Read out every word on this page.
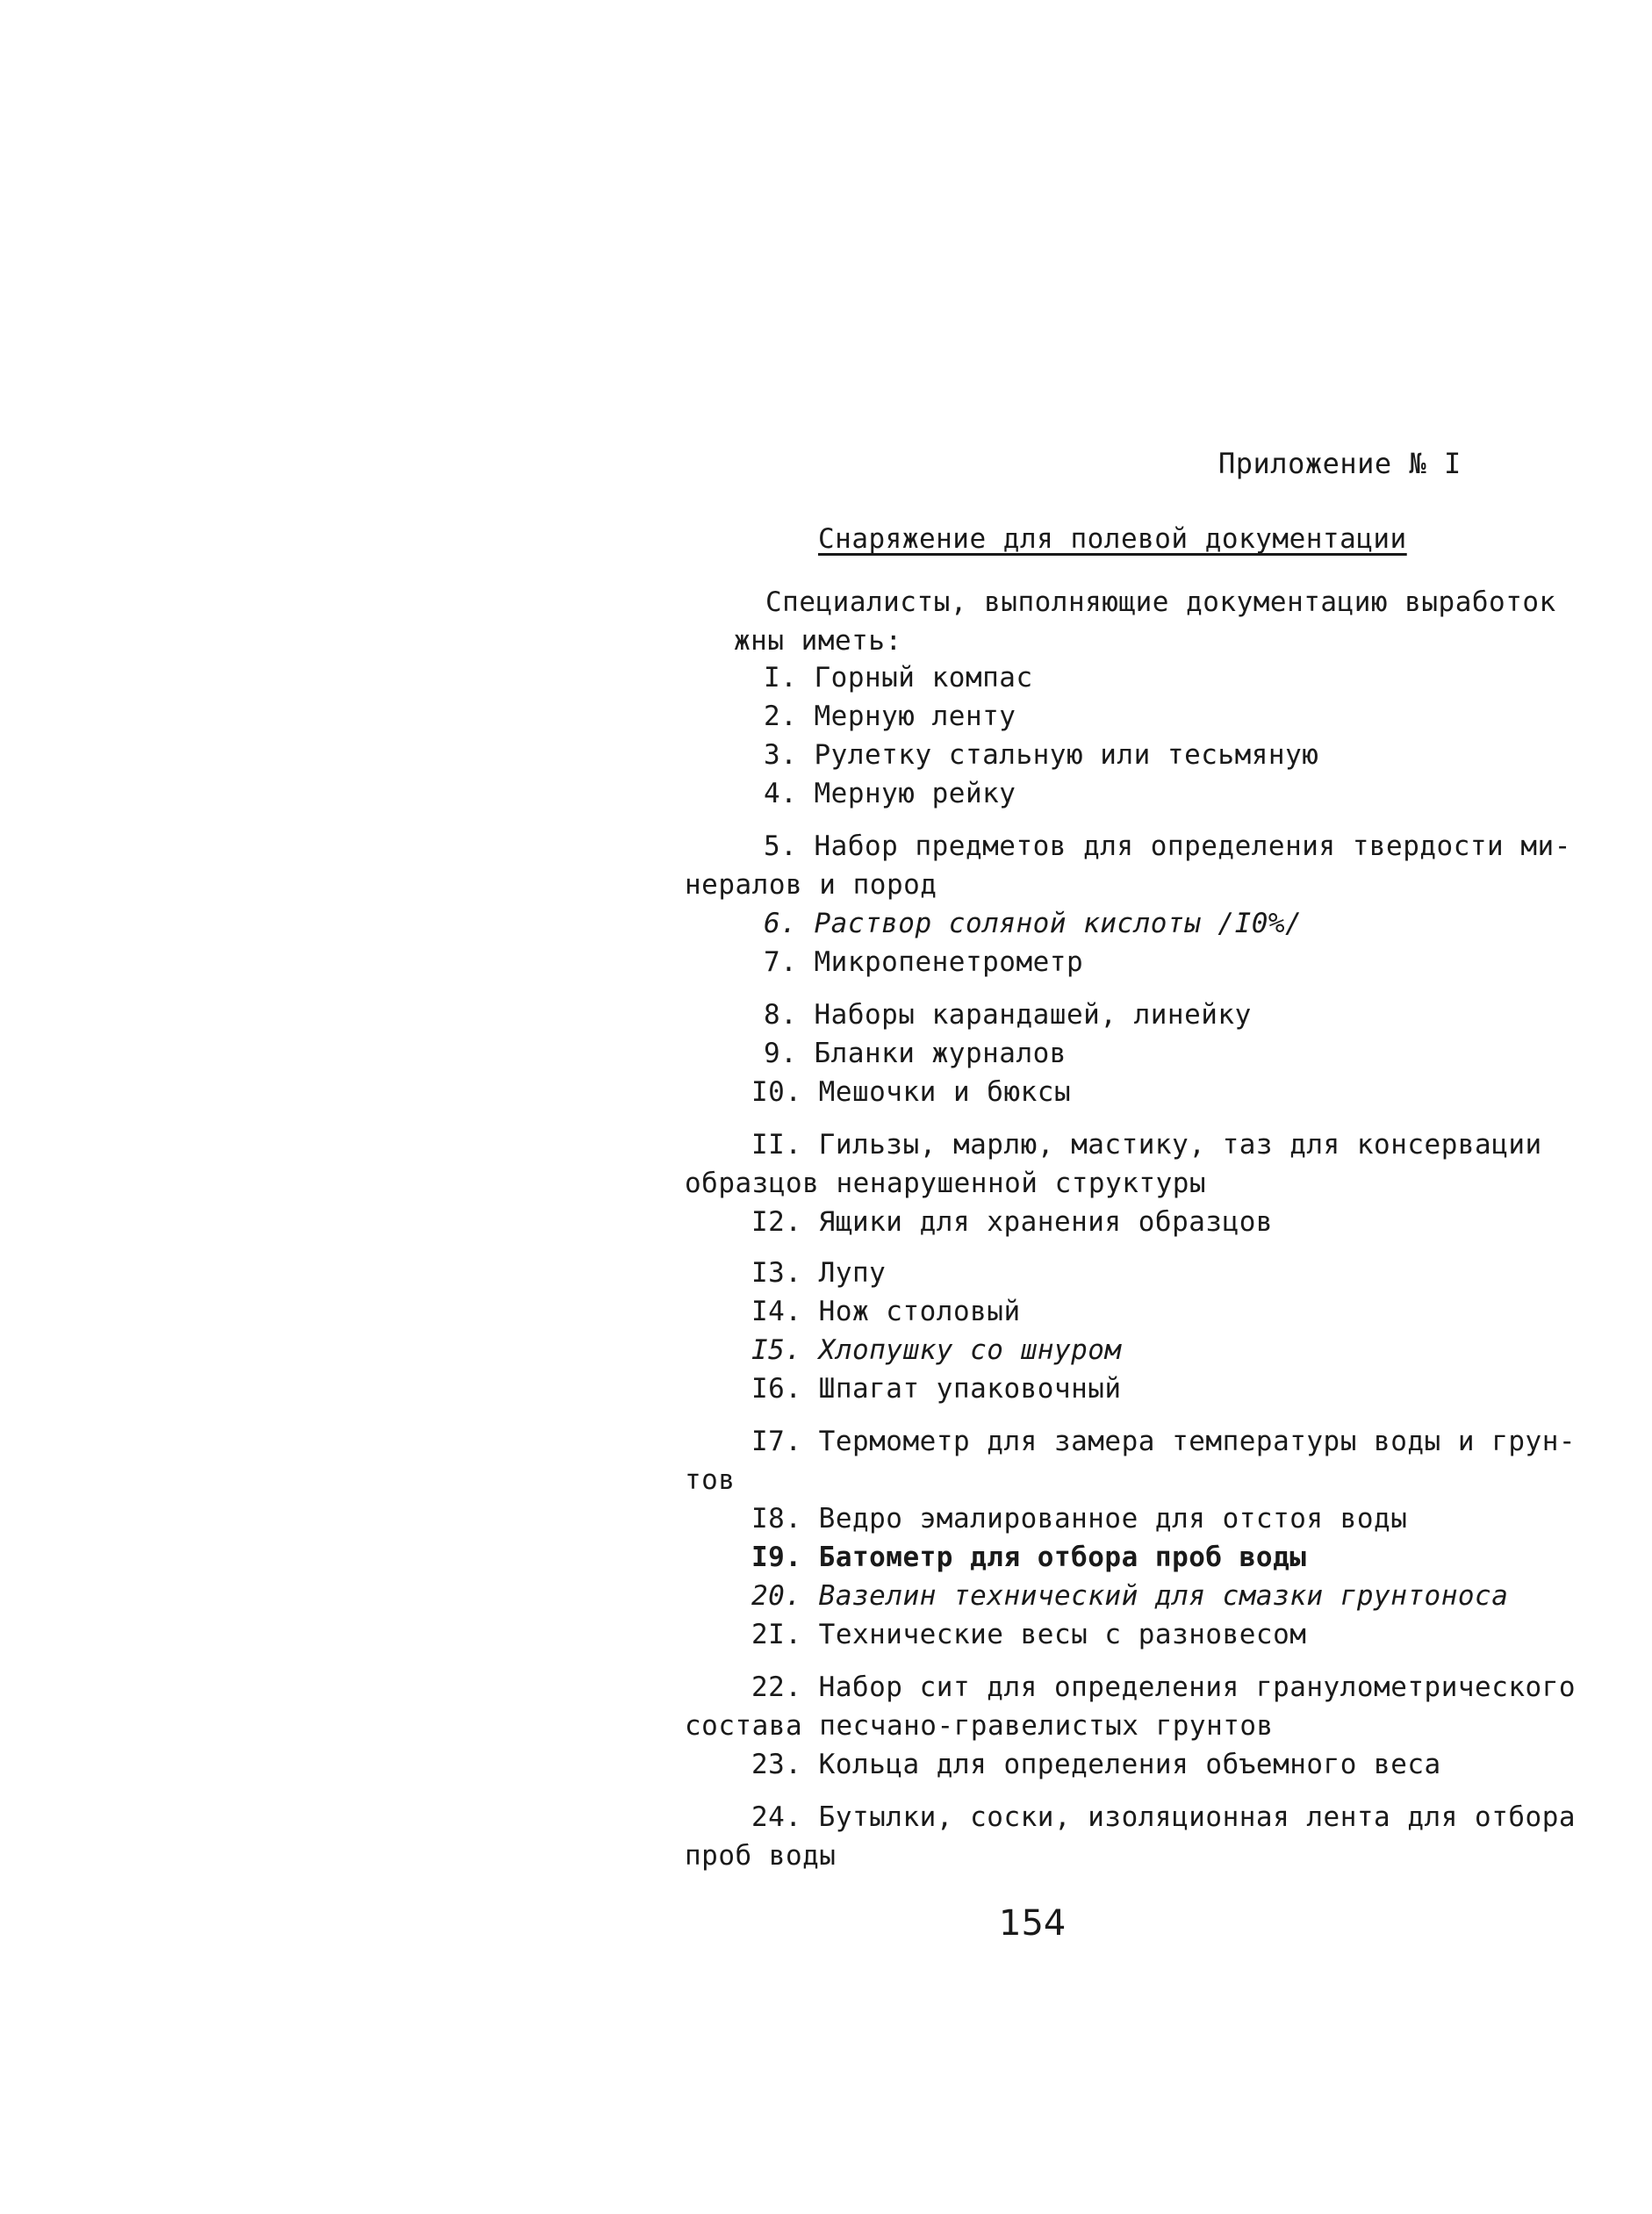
Приложение № I
Снаряжение для полевой документации
Специалисты, выполняющие документацию выработок
жны иметь:
I. Горный компас
2. Мерную ленту
3. Рулетку стальную или тесьмяную
4. Мерную рейку
5. Набор предметов для определения твердости ми-
нералов и пород
6. Раствор соляной кислоты /I0%/
7. Микропенетрометр
8. Наборы карандашей, линейку
9. Бланки журналов
I0. Мешочки и бюксы
II. Гильзы, марлю, мастику, таз для консервации
образцов ненарушенной структуры
I2. Ящики для хранения образцов
I3. Лупу
I4. Нож столовый
I5. Хлопушку со шнуром
I6. Шпагат упаковочный
I7. Термометр для замера температуры воды и грун-
тов
I8. Ведро эмалированное для отстоя воды
I9. Батометр для отбора проб воды
20. Вазелин технический для смазки грунтоноса
2I. Технические весы с разновесом
22. Набор сит для определения гранулометрического
состава песчано-гравелистых грунтов
23. Кольца для определения объемного веса
24. Бутылки, соски, изоляционная лента для отбора
проб воды
154
